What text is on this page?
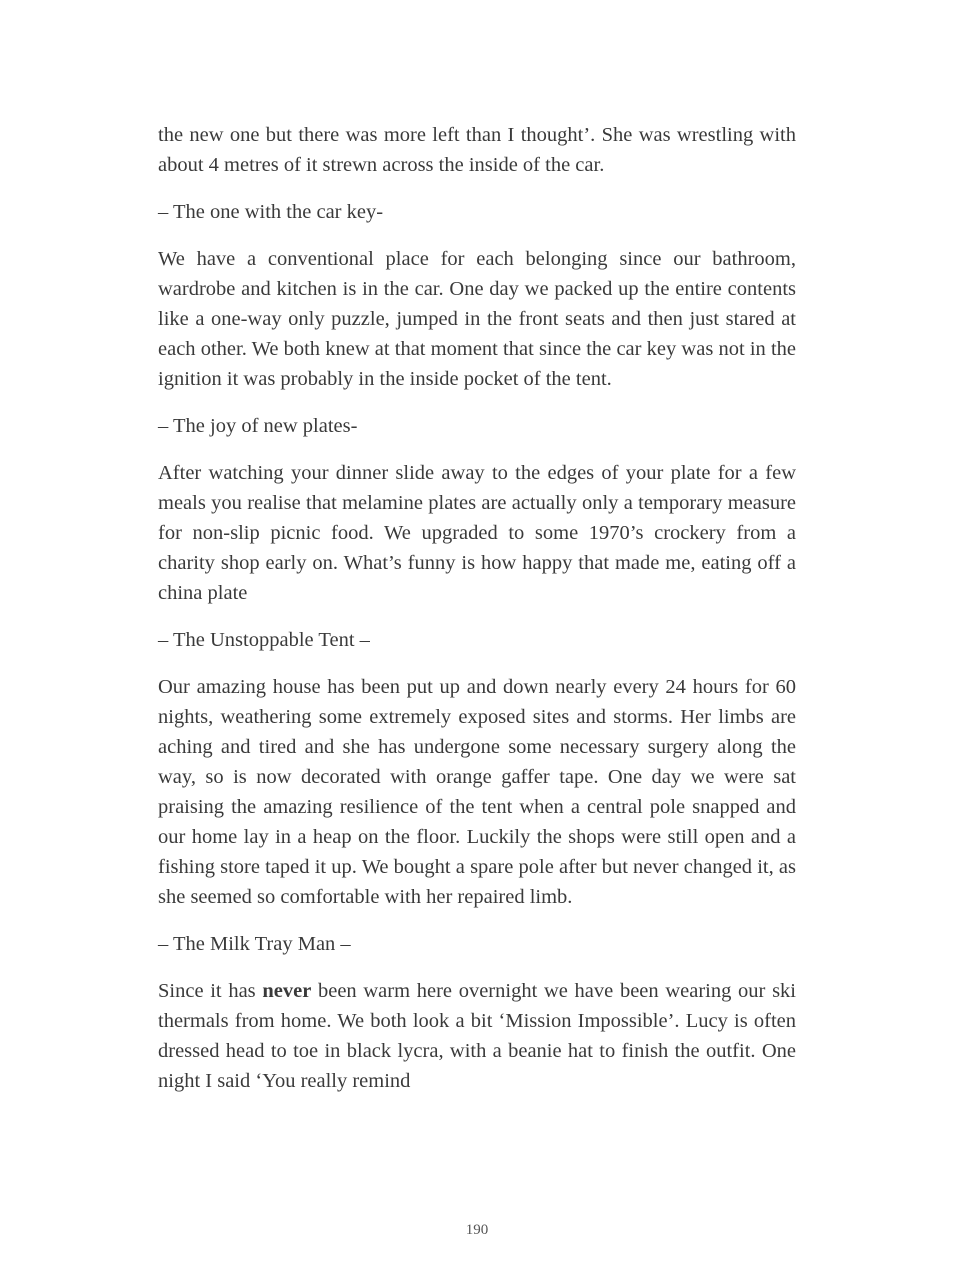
the new one but there was more left than I thought’. She was wrestling with about 4 metres of it strewn across the inside of the car.

– The one with the car key-

We have a conventional place for each belonging since our bathroom, wardrobe and kitchen is in the car. One day we packed up the entire contents like a one-way only puzzle, jumped in the front seats and then just stared at each other. We both knew at that moment that since the car key was not in the ignition it was probably in the inside pocket of the tent.

– The joy of new plates-

After watching your dinner slide away to the edges of your plate for a few meals you realise that melamine plates are actually only a temporary measure for non-slip picnic food. We upgraded to some 1970’s crockery from a charity shop early on. What’s funny is how happy that made me, eating off a china plate

– The Unstoppable Tent –

Our amazing house has been put up and down nearly every 24 hours for 60 nights, weathering some extremely exposed sites and storms. Her limbs are aching and tired and she has undergone some necessary surgery along the way, so is now decorated with orange gaffer tape. One day we were sat praising the amazing resilience of the tent when a central pole snapped and our home lay in a heap on the floor. Luckily the shops were still open and a fishing store taped it up. We bought a spare pole after but never changed it, as she seemed so comfortable with her repaired limb.

– The Milk Tray Man –

Since it has never been warm here overnight we have been wearing our ski thermals from home. We both look a bit ‘Mission Impossible’. Lucy is often dressed head to toe in black lycra, with a beanie hat to finish the outfit. One night I said ‘You really remind

190
